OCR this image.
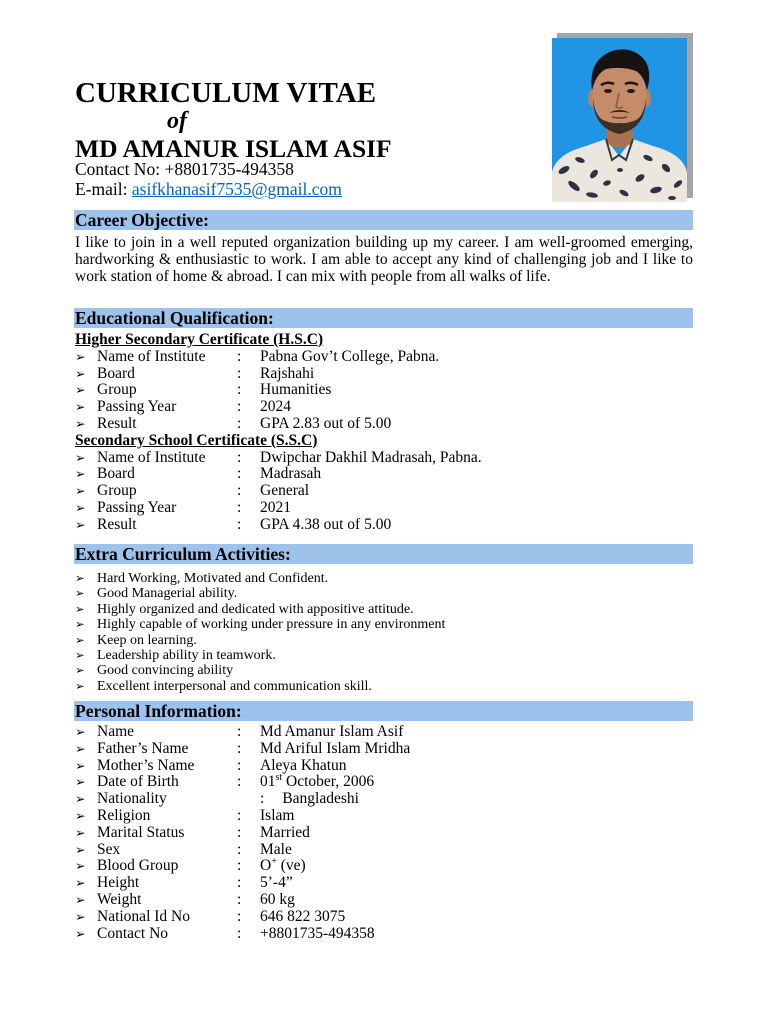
CURRICULUM VITAE
of
MD AMANUR ISLAM ASIF
Contact No: +8801735-494358
E-mail: asifkhanasif7535@gmail.com
Career Objective:
I like to join in a well reputed organization building up my career. I am well-groomed emerging, hardworking & enthusiastic to work. I am able to accept any kind of challenging job and I like to work station of home & abroad. I can mix with people from all walks of life.
Educational Qualification:
Higher Secondary Certificate (H.S.C)
➢
Name of Institute	:	Pabna Gov’t College, Pabna.
➢
Board	:	Rajshahi
➢
Group	:	Humanities
➢
Passing Year	:	2024
➢
Result	:	GPA 2.83 out of 5.00
Secondary School Certificate (S.S.C)
➢
Name of Institute	:	Dwipchar Dakhil Madrasah, Pabna.
➢
Board	:	Madrasah
➢
Group	:	General
➢
Passing Year	:	2021
➢
Result	:	GPA 4.38 out of 5.00
Extra Curriculum Activities:
➢
Hard Working, Motivated and Confident.
➢
Good Managerial ability.
➢
Highly organized and dedicated with appositive attitude.
➢
Highly capable of working under pressure in any environment
➢
Keep on learning.
➢
Leadership ability in teamwork.
➢
Good convincing ability
➢
Excellent interpersonal and communication skill.
Personal Information:
➢
Name	:	Md Amanur Islam Asif
➢
Father’s Name	:	Md Ariful Islam Mridha
➢
Mother’s Name	:	Aleya Khatun
➢
Date of Birth	:	01st October, 2006
➢
Nationality	: Bangladeshi
➢
Religion	:	Islam
➢
Marital Status	:	Married
➢
Sex	:	Male
➢
Blood Group	:	O+ (ve)
➢
Height	:	5’-4”
➢
Weight	:	60 kg
➢
National Id No	:	646 822 3075
➢
Contact No	:	+8801735-494358
